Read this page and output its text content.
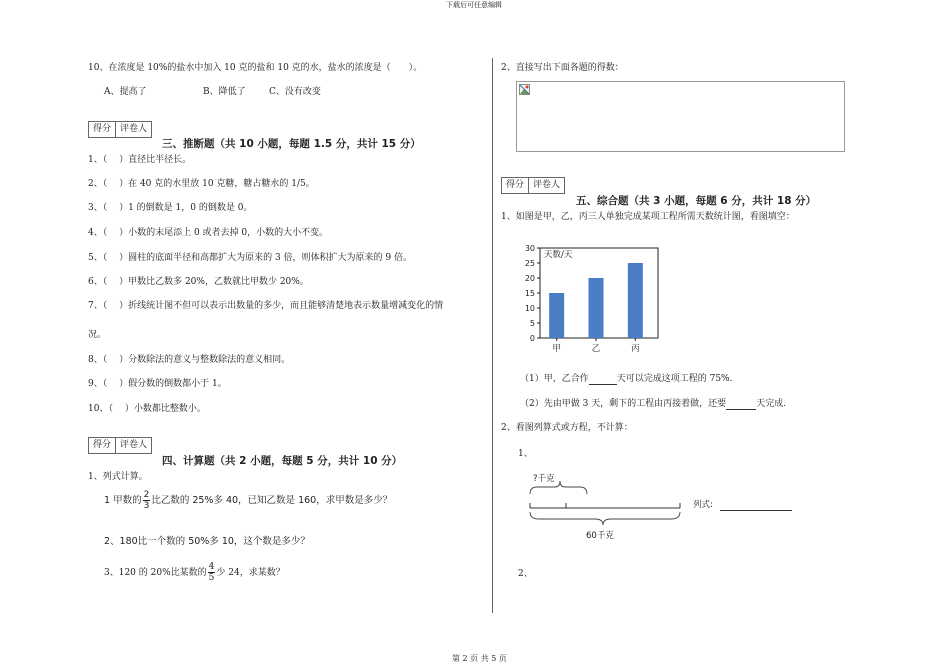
下载后可任意编辑
第 2 页 共 5 页
10、在浓度是 10%的盐水中加入 10 克的盐和 10 克的水，盐水的浓度是（　　）。
A、提高了	B、降低了	C、没有改变
得分	评卷人
三、推断题（共 10 小题，每题 1.5 分，共计 15 分）
1、（　 ）直径比半径长。
2、（　 ）在 40 克的水里放 10 克糖，糖占糖水的 1/5。
3、（　 ）1 的倒数是 1，0 的倒数是 0。
4、（　 ）小数的末尾添上 0 或者去掉 0，小数的大小不变。
5、（　 ）圆柱的底面半径和高都扩大为原来的 3 倍，则体积扩大为原来的 9 倍。
6、（　 ）甲数比乙数多 20%，乙数就比甲数少 20%。
7、（　 ）折线统计图不但可以表示出数量的多少，而且能够清楚地表示数量增减变化的情
况。
8、（　 ）分数除法的意义与整数除法的意义相同。
9、（　 ）假分数的倒数都小于 1。
10、（　 ）小数都比整数小。
得分	评卷人
四、计算题（共 2 小题，每题 5 分，共计 10 分）
1、列式计算。
1 甲数的 $\frac{2}{3}$ 比乙数的 25%多 40，已知乙数是 160，求甲数是多少？
2、180比一个数的 50%多 10，这个数是多少？
3、120 的 20%比某数的 $\frac{4}{5}$ 少 24，求某数？
2、直接写出下面各题的得数：
得分	评卷人
五、综合题（共 3 小题，每题 6 分，共计 18 分）
1、如图是甲，乙，丙三人单独完成某项工程所需天数统计图，看图填空：
天数/天
0
5
10
15
20
25
30
甲	乙	丙
（1）甲，乙合作	天可以完成这项工程的 75%.
（2）先由甲做 3 天，剩下的工程由丙接着做，还要	天完成.
2、看图列算式或方程，不计算：
1、
?千克
60千克
列式:
2、
